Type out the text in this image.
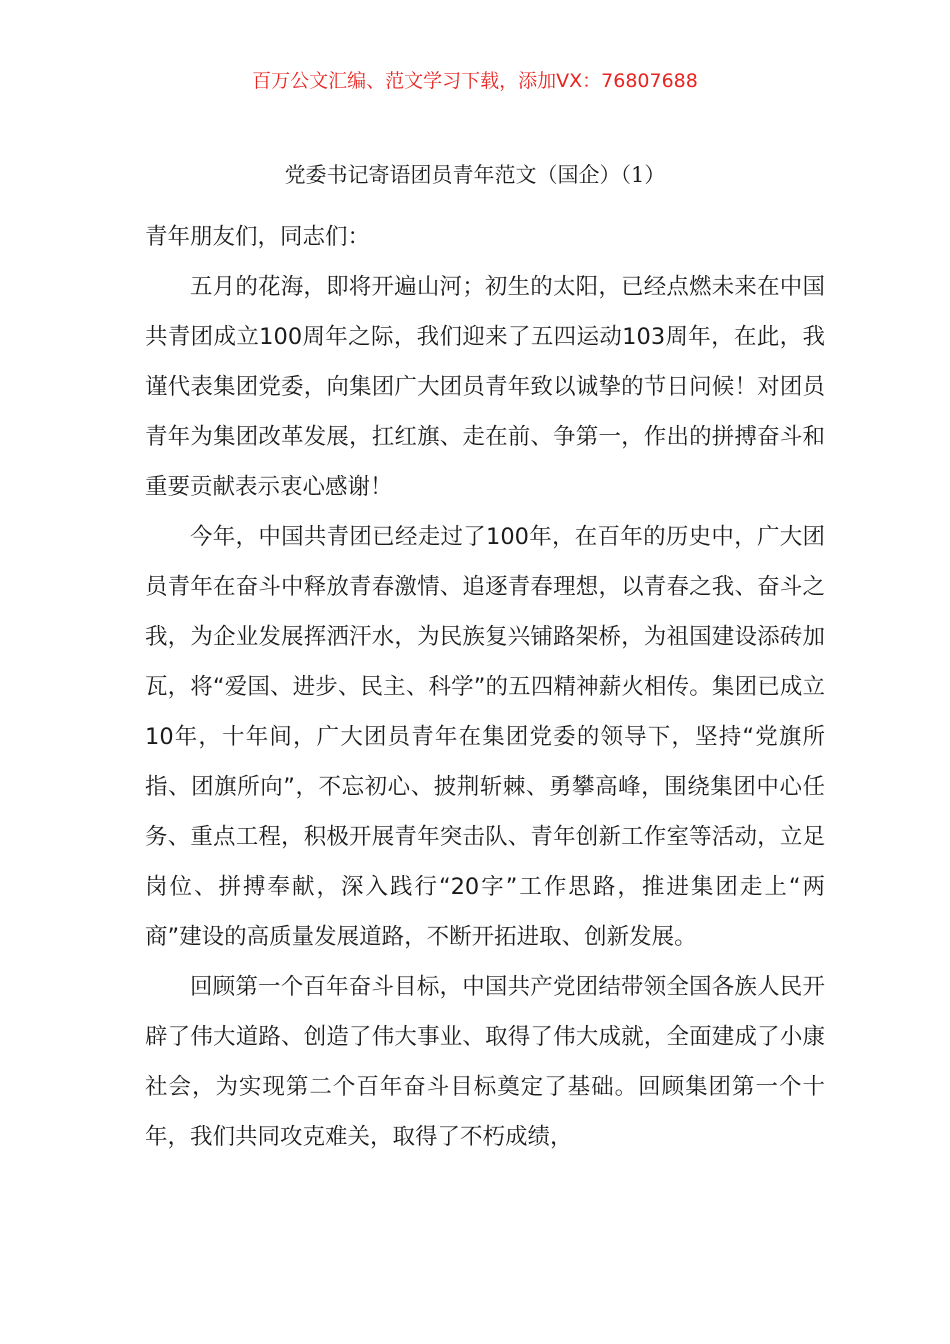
百万公文汇编、范文学习下载，添加VX：76807688
党委书记寄语团员青年范文（国企）（1）

青年朋友们，同志们：

五月的花海，即将开遍山河；初生的太阳，已经点燃未来在中国共青团成立100周年之际，我们迎来了五四运动103周年，在此，我谨代表集团党委，向集团广大团员青年致以诚挚的节日问候！对团员青年为集团改革发展，扛红旗、走在前、争第一，作出的拼搏奋斗和重要贡献表示衷心感谢！

今年，中国共青团已经走过了100年，在百年的历史中，广大团员青年在奋斗中释放青春激情、追逐青春理想，以青春之我、奋斗之我，为企业发展挥洒汗水，为民族复兴铺路架桥，为祖国建设添砖加瓦，将“爱国、进步、民主、科学”的五四精神薪火相传。集团已成立10年，十年间，广大团员青年在集团党委的领导下，坚持“党旗所指、团旗所向”，不忘初心、披荆斩棘、勇攀高峰，围绕集团中心任务、重点工程，积极开展青年突击队、青年创新工作室等活动，立足岗位、拼搏奉献，深入践行“20字”工作思路，推进集团走上“两商”建设的高质量发展道路，不断开拓进取、创新发展。

回顾第一个百年奋斗目标，中国共产党团结带领全国各族人民开辟了伟大道路、创造了伟大事业、取得了伟大成就，全面建成了小康社会，为实现第二个百年奋斗目标奠定了基础。回顾集团第一个十年，我们共同攻克难关，取得了不朽成绩，
